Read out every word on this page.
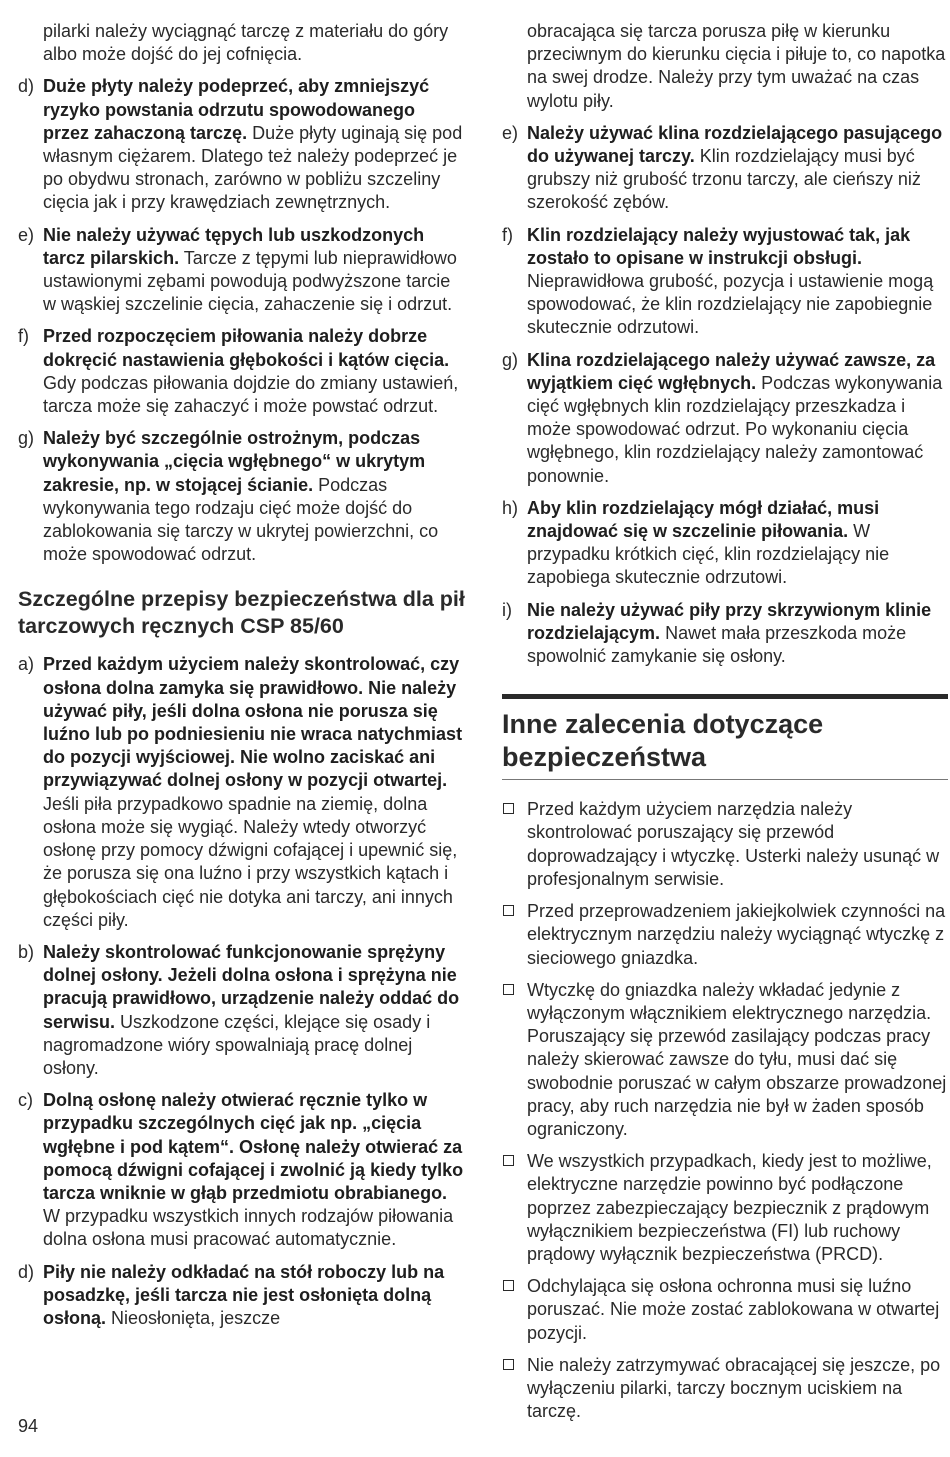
pilarki należy wyciągnąć tarczę z materiału do góry albo może dojść do jej cofnięcia.
d) Duże płyty należy podeprzeć, aby zmniejszyć ryzyko powstania odrzutu spowodowanego przez zahaczoną tarczę. Duże płyty uginają się pod własnym ciężarem. Dlatego też należy podeprzeć je po obydwu stronach, zarówno w pobliżu szczeliny cięcia jak i przy krawędziach zewnętrznych.
e) Nie należy używać tępych lub uszkodzonych tarcz pilarskich. Tarcze z tępymi lub nieprawidłowo ustawionymi zębami powodują podwyższone tarcie w wąskiej szczelinie cięcia, zahaczenie się i odrzut.
f) Przed rozpoczęciem piłowania należy dobrze dokręcić nastawienia głębokości i kątów cięcia. Gdy podczas piłowania dojdzie do zmiany ustawień, tarcza może się zahaczyć i może powstać odrzut.
g) Należy być szczególnie ostrożnym, podczas wykonywania „cięcia wgłębnego“ w ukrytym zakresie, np. w stojącej ścianie. Podczas wykonywania tego rodzaju cięć może dojść do zablokowania się tarczy w ukrytej powierzchni, co może spowodować odrzut.
Szczególne przepisy bezpieczeństwa dla pił tarczowych ręcznych CSP 85/60
a) Przed każdym użyciem należy skontrolować, czy osłona dolna zamyka się prawidłowo. Nie należy używać piły, jeśli dolna osłona nie porusza się luźno lub po podniesieniu nie wraca natychmiast do pozycji wyjściowej. Nie wolno zaciskać ani przywiązywać dolnej osłony w pozycji otwartej. Jeśli piła przypadkowo spadnie na ziemię, dolna osłona może się wygiąć. Należy wtedy otworzyć osłonę przy pomocy dźwigni cofającej i upewnić się, że porusza się ona luźno i przy wszystkich kątach i głębokościach cięć nie dotyka ani tarczy, ani innych części piły.
b) Należy skontrolować funkcjonowanie sprężyny dolnej osłony. Jeżeli dolna osłona i sprężyna nie pracują prawidłowo, urządzenie należy oddać do serwisu. Uszkodzone części, klejące się osady i nagromadzone wióry spowalniają pracę dolnej osłony.
c) Dolną osłonę należy otwierać ręcznie tylko w przypadku szczególnych cięć jak np. „cięcia wgłębne i pod kątem“. Osłonę należy otwierać za pomocą dźwigni cofającej i zwolnić ją kiedy tylko tarcza wniknie w głąb przedmiotu obrabianego. W przypadku wszystkich innych rodzajów piłowania dolna osłona musi pracować automatycznie.
d) Piły nie należy odkładać na stół roboczy lub na posadzkę, jeśli tarcza nie jest osłonięta dolną osłoną. Nieosłonięta, jeszcze
obracająca się tarcza porusza piłę w kierunku przeciwnym do kierunku cięcia i piłuje to, co napotka na swej drodze. Należy przy tym uważać na czas wylotu piły.
e) Należy używać klina rozdzielającego pasującego do używanej tarczy. Klin rozdzielający musi być grubszy niż grubość trzonu tarczy, ale cieńszy niż szerokość zębów.
f) Klin rozdzielający należy wyjustować tak, jak zostało to opisane w instrukcji obsługi. Nieprawidłowa grubość, pozycja i ustawienie mogą spowodować, że klin rozdzielający nie zapobiegnie skutecznie odrzutowi.
g) Klina rozdzielającego należy używać zawsze, za wyjątkiem cięć wgłębnych. Podczas wykonywania cięć wgłębnych klin rozdzielający przeszkadza i może spowodować odrzut. Po wykonaniu cięcia wgłębnego, klin rozdzielający należy zamontować ponownie.
h) Aby klin rozdzielający mógł działać, musi znajdować się w szczelinie piłowania. W przypadku krótkich cięć, klin rozdzielający nie zapobiega skutecznie odrzutowi.
i) Nie należy używać piły przy skrzywionym klinie rozdzielającym. Nawet mała przeszkoda może spowolnić zamykanie się osłony.
Inne zalecenia dotyczące bezpieczeństwa
Przed każdym użyciem narzędzia należy skontrolować poruszający się przewód doprowadzający i wtyczkę. Usterki należy usunąć w profesjonalnym serwisie.
Przed przeprowadzeniem jakiejkolwiek czynności na elektrycznym narzędziu należy wyciągnąć wtyczkę z sieciowego gniazdka.
Wtyczkę do gniazdka należy wkładać jedynie z wyłączonym włącznikiem elektrycznego narzędzia. Poruszający się przewód zasilający podczas pracy należy skierować zawsze do tyłu, musi dać się swobodnie poruszać w całym obszarze prowadzonej pracy, aby ruch narzędzia nie był w żaden sposób ograniczony.
We wszystkich przypadkach, kiedy jest to możliwe, elektryczne narzędzie powinno być podłączone poprzez zabezpieczający bezpiecznik z prądowym wyłącznikiem bezpieczeństwa (FI) lub ruchowy prądowy wyłącznik bezpieczeństwa (PRCD).
Odchylająca się osłona ochronna musi się luźno poruszać. Nie może zostać zablokowana w otwartej pozycji.
Nie należy zatrzymywać obracającej się jeszcze, po wyłączeniu pilarki, tarczy bocznym uciskiem na tarczę.
94
